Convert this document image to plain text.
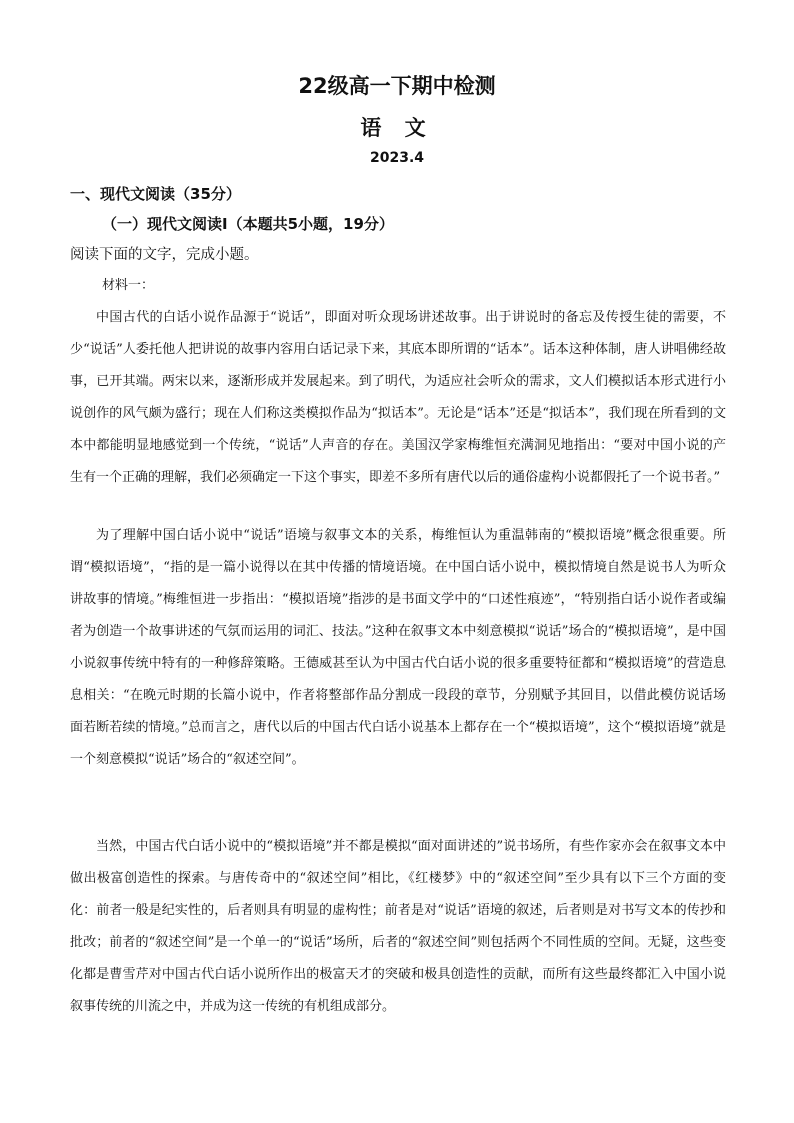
22级高一下期中检测
语 文
2023.4
一、现代文阅读（35分）
（一）现代文阅读Ⅰ（本题共5小题，19分）
阅读下面的文字，完成小题。
材料一：

中国古代的白话小说作品源于“说话”，即面对听众现场讲述故事。出于讲说时的备忘及传授生徒的需要，不少“说话”人委托他人把讲说的故事内容用白话记录下来，其底本即所谓的“话本”。话本这种体制，唐人讲唱佛经故事，已开其端。两宋以来，逐渐形成并发展起来。到了明代，为适应社会听众的需求，文人们模拟话本形式进行小说创作的风气颇为盛行；现在人们称这类模拟作品为“拟话本”。无论是“话本”还是“拟话本”，我们现在所看到的文本中都能明显地感觉到一个传统，“说话”人声音的存在。美国汉学家梅维恒充满洞见地指出：“要对中国小说的产生有一个正确的理解，我们必须确定一下这个事实，即差不多所有唐代以后的通俗虚构小说都假托了一个说书者。”

为了理解中国白话小说中“说话”语境与叙事文本的关系，梅维恒认为重温韩南的“模拟语境”概念很重要。所谓“模拟语境”，“指的是一篇小说得以在其中传播的情境语境。在中国白话小说中，模拟情境自然是说书人为听众讲故事的情境。”梅维恒进一步指出：“模拟语境”指涉的是书面文学中的“口述性痕迹”，“特别指白话小说作者或编者为创造一个故事讲述的气氛而运用的词汇、技法。”这种在叙事文本中刻意模拟“说话”场合的“模拟语境”，是中国小说叙事传统中特有的一种修辞策略。王德威甚至认为中国古代白话小说的很多重要特征都和“模拟语境”的营造息息相关：“在晚元时期的长篇小说中，作者将整部作品分割成一段段的章节，分别赋予其回目，以借此模仿说话场面若断若续的情境。”总而言之，唐代以后的中国古代白话小说基本上都存在一个“模拟语境”，这个“模拟语境”就是一个刻意模拟“说话”场合的“叙述空间”。

当然，中国古代白话小说中的“模拟语境”并不都是模拟“面对面讲述的”说书场所，有些作家亦会在叙事文本中做出极富创造性的探索。与唐传奇中的“叙述空间”相比，《红楼梦》中的“叙述空间”至少具有以下三个方面的变化：前者一般是纪实性的，后者则具有明显的虚构性；前者是对“说话”语境的叙述，后者则是对书写文本的传抄和批改；前者的“叙述空间”是一个单一的“说话”场所，后者的“叙述空间”则包括两个不同性质的空间。无疑，这些变化都是曹雪芹对中国古代白话小说所作出的极富天才的突破和极具创造性的贡献，而所有这些最终都汇入中国小说叙事传统的川流之中，并成为这一传统的有机组成部分。
